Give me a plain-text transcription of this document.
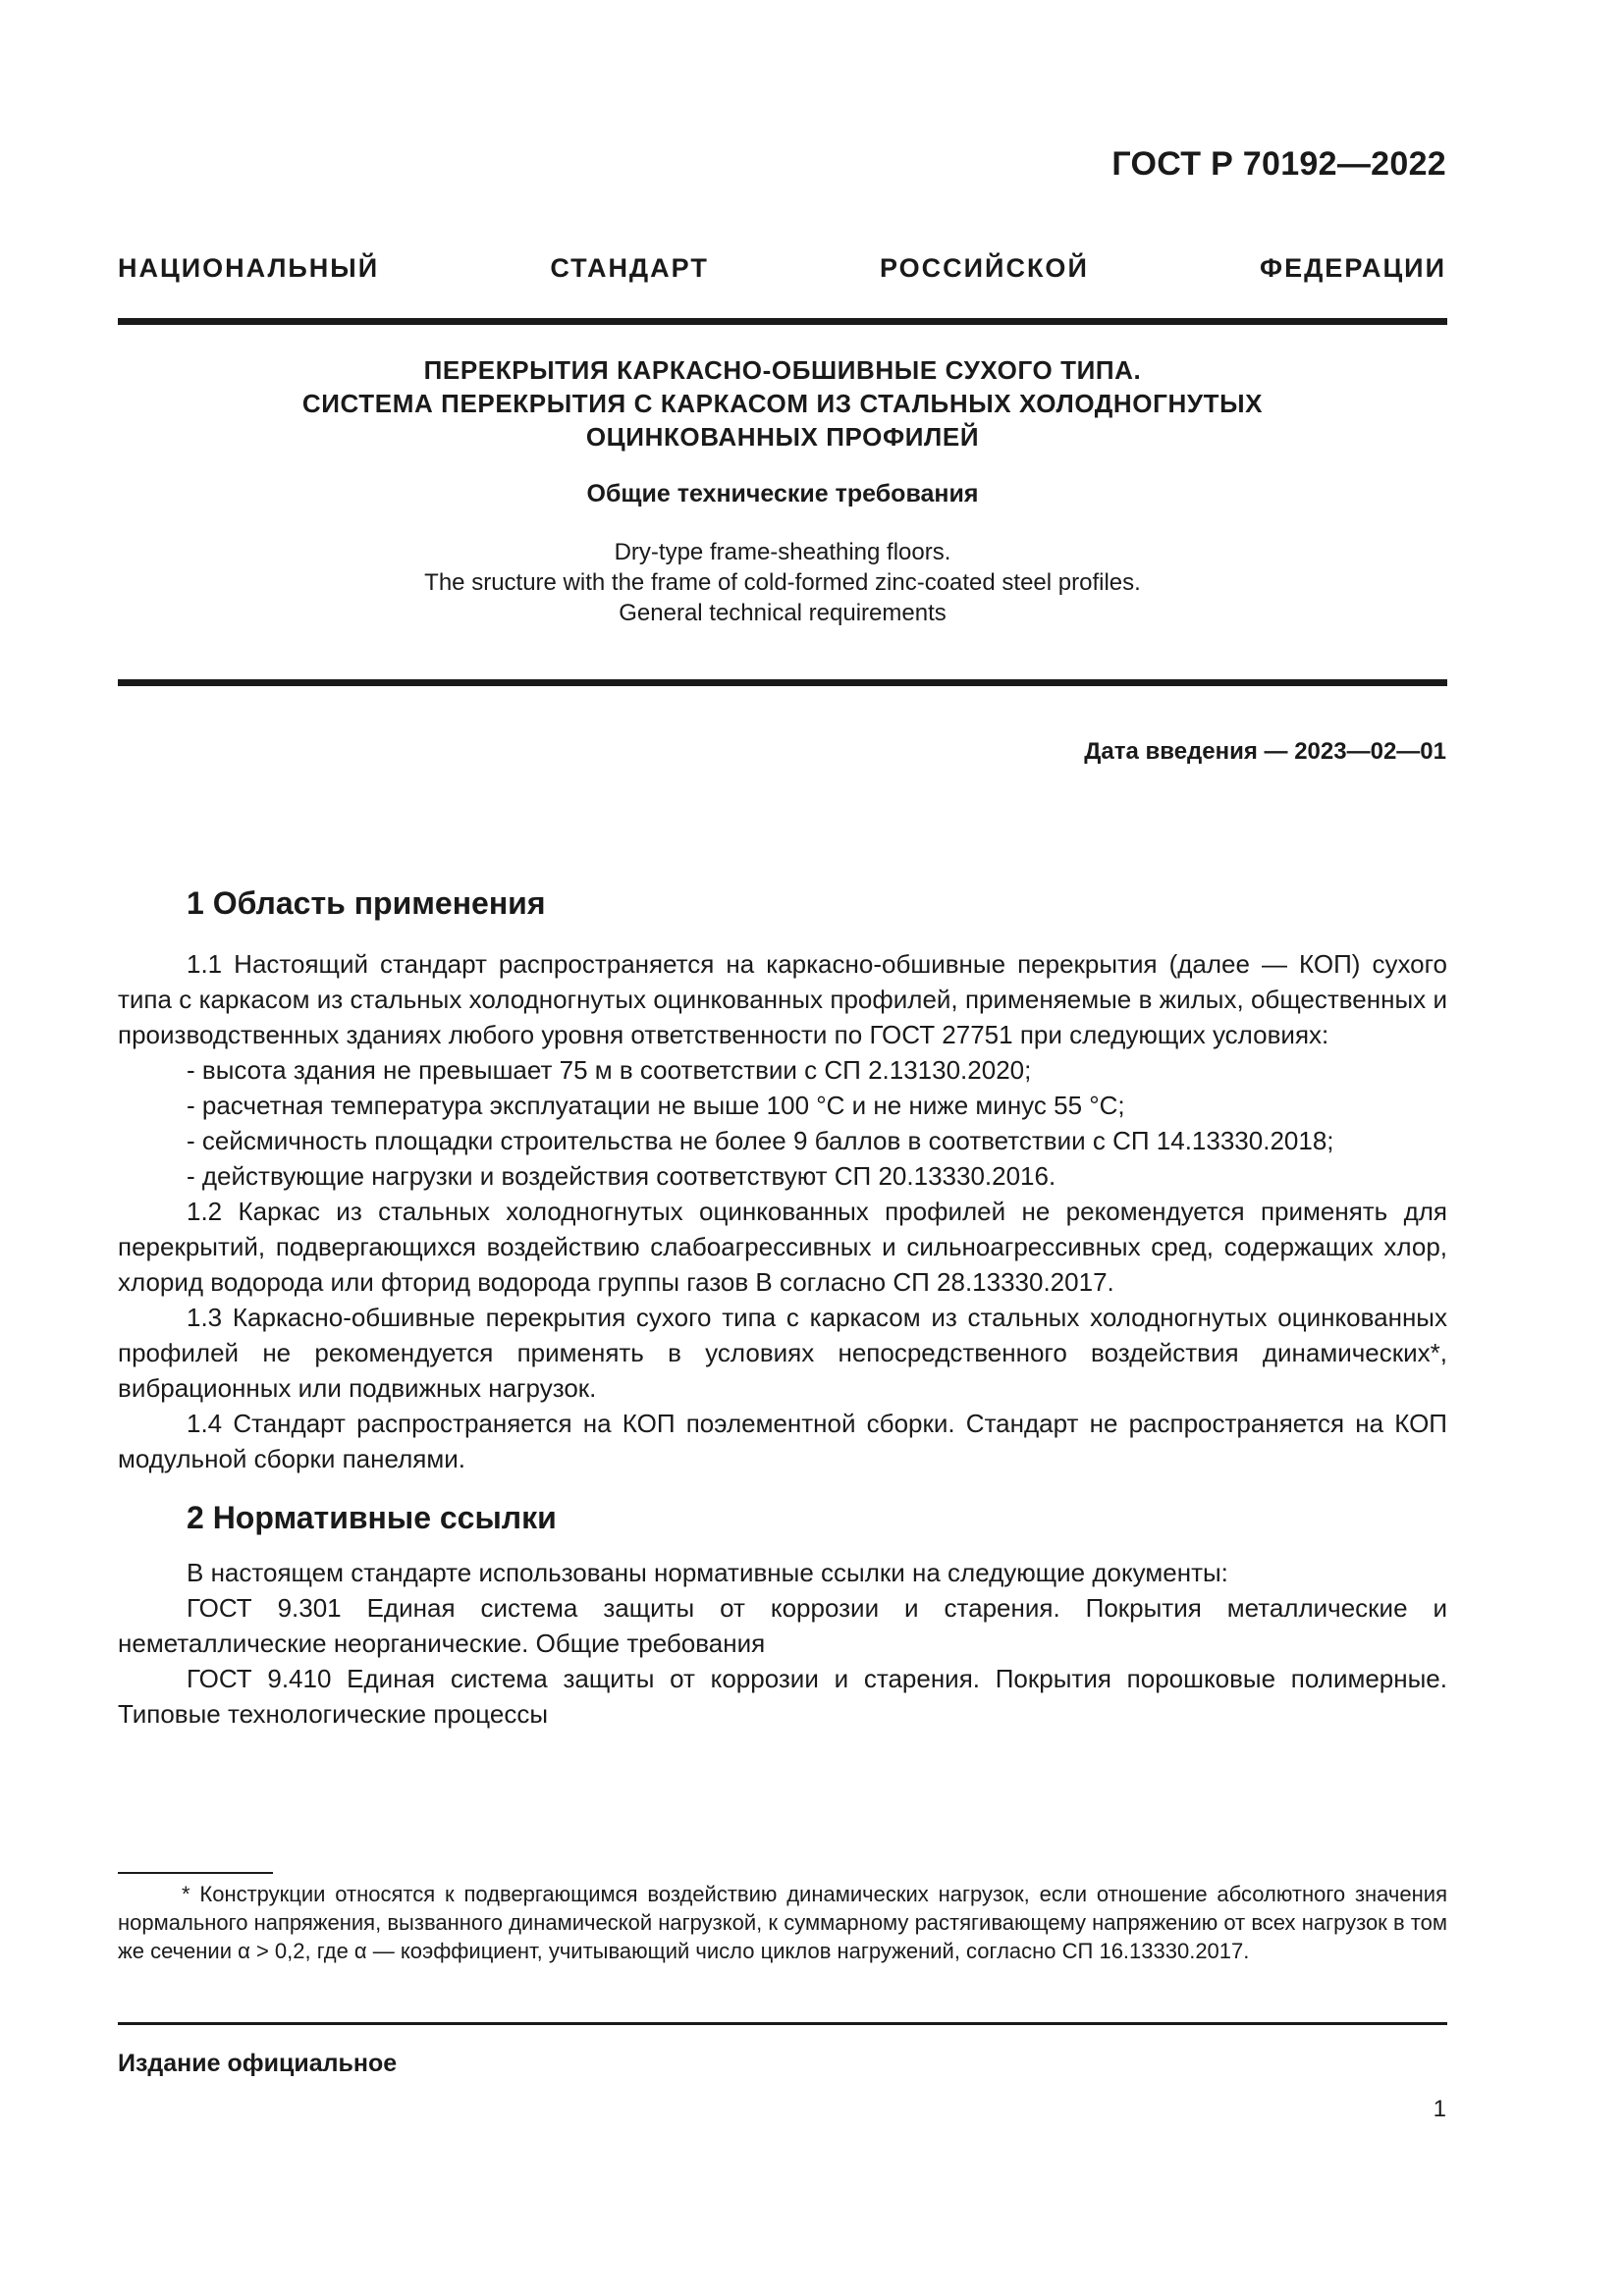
ГОСТ Р 70192—2022
НАЦИОНАЛЬНЫЙ СТАНДАРТ РОССИЙСКОЙ ФЕДЕРАЦИИ
ПЕРЕКРЫТИЯ КАРКАСНО-ОБШИВНЫЕ СУХОГО ТИПА.
СИСТЕМА ПЕРЕКРЫТИЯ С КАРКАСОМ ИЗ СТАЛЬНЫХ ХОЛОДНОГНУТЫХ
ОЦИНКОВАННЫХ ПРОФИЛЕЙ
Общие технические требования
Dry-type frame-sheathing floors.
The sructure with the frame of cold-formed zinc-coated steel profiles.
General technical requirements
Дата введения — 2023—02—01
1 Область применения

1.1 Настоящий стандарт распространяется на каркасно-обшивные перекрытия (далее — КОП) сухого типа с каркасом из стальных холодногнутых оцинкованных профилей, применяемые в жилых, общественных и производственных зданиях любого уровня ответственности по ГОСТ 27751 при следующих условиях:

- высота здания не превышает 75 м в соответствии с СП 2.13130.2020;

- расчетная температура эксплуатации не выше 100 °С и не ниже минус 55 °С;

- сейсмичность площадки строительства не более 9 баллов в соответствии с СП 14.13330.2018;

- действующие нагрузки и воздействия соответствуют СП 20.13330.2016.

1.2 Каркас из стальных холодногнутых оцинкованных профилей не рекомендуется применять для перекрытий, подвергающихся воздействию слабоагрессивных и сильноагрессивных сред, содержащих хлор, хлорид водорода или фторид водорода группы газов В согласно СП 28.13330.2017.

1.3 Каркасно-обшивные перекрытия сухого типа с каркасом из стальных холодногнутых оцинкованных профилей не рекомендуется применять в условиях непосредственного воздействия динамических*, вибрационных или подвижных нагрузок.

1.4 Стандарт распространяется на КОП поэлементной сборки. Стандарт не распространяется на КОП модульной сборки панелями.

2 Нормативные ссылки

В настоящем стандарте использованы нормативные ссылки на следующие документы:

ГОСТ 9.301 Единая система защиты от коррозии и старения. Покрытия металлические и неметаллические неорганические. Общие требования

ГОСТ 9.410 Единая система защиты от коррозии и старения. Покрытия порошковые полимерные. Типовые технологические процессы

* Конструкции относятся к подвергающимся воздействию динамических нагрузок, если отношение абсолютного значения нормального напряжения, вызванного динамической нагрузкой, к суммарному растягивающему напряжению от всех нагрузок в том же сечении α > 0,2, где α — коэффициент, учитывающий число циклов нагружений, согласно СП 16.13330.2017.
Издание официальное
1
